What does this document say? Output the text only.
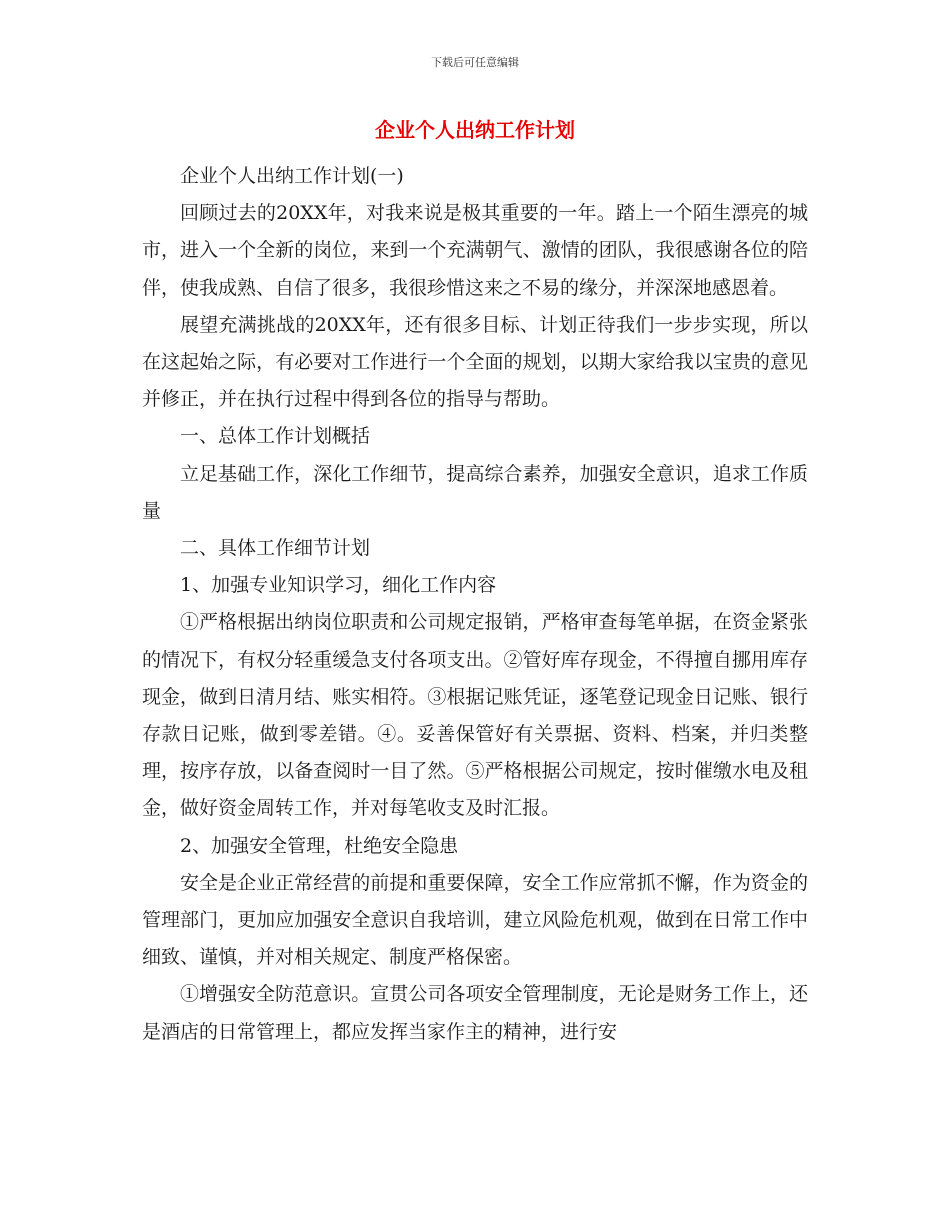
下载后可任意编辑
企业个人出纳工作计划

企业个人出纳工作计划(一)

回顾过去的20XX年，对我来说是极其重要的一年。踏上一个陌生漂亮的城市，进入一个全新的岗位，来到一个充满朝气、激情的团队，我很感谢各位的陪伴，使我成熟、自信了很多，我很珍惜这来之不易的缘分，并深深地感恩着。

展望充满挑战的20XX年，还有很多目标、计划正待我们一步步实现，所以在这起始之际，有必要对工作进行一个全面的规划，以期大家给我以宝贵的意见并修正，并在执行过程中得到各位的指导与帮助。

一、总体工作计划概括

立足基础工作，深化工作细节，提高综合素养，加强安全意识，追求工作质量

二、具体工作细节计划

1、加强专业知识学习，细化工作内容

①严格根据出纳岗位职责和公司规定报销，严格审查每笔单据，在资金紧张的情况下，有权分轻重缓急支付各项支出。②管好库存现金，不得擅自挪用库存现金，做到日清月结、账实相符。③根据记账凭证，逐笔登记现金日记账、银行存款日记账，做到零差错。④。妥善保管好有关票据、资料、档案，并归类整理，按序存放，以备查阅时一目了然。⑤严格根据公司规定，按时催缴水电及租金，做好资金周转工作，并对每笔收支及时汇报。

2、加强安全管理，杜绝安全隐患

安全是企业正常经营的前提和重要保障，安全工作应常抓不懈，作为资金的管理部门，更加应加强安全意识自我培训，建立风险危机观，做到在日常工作中细致、谨慎，并对相关规定、制度严格保密。

①增强安全防范意识。宣贯公司各项安全管理制度，无论是财务工作上，还是酒店的日常管理上，都应发挥当家作主的精神，进行安
